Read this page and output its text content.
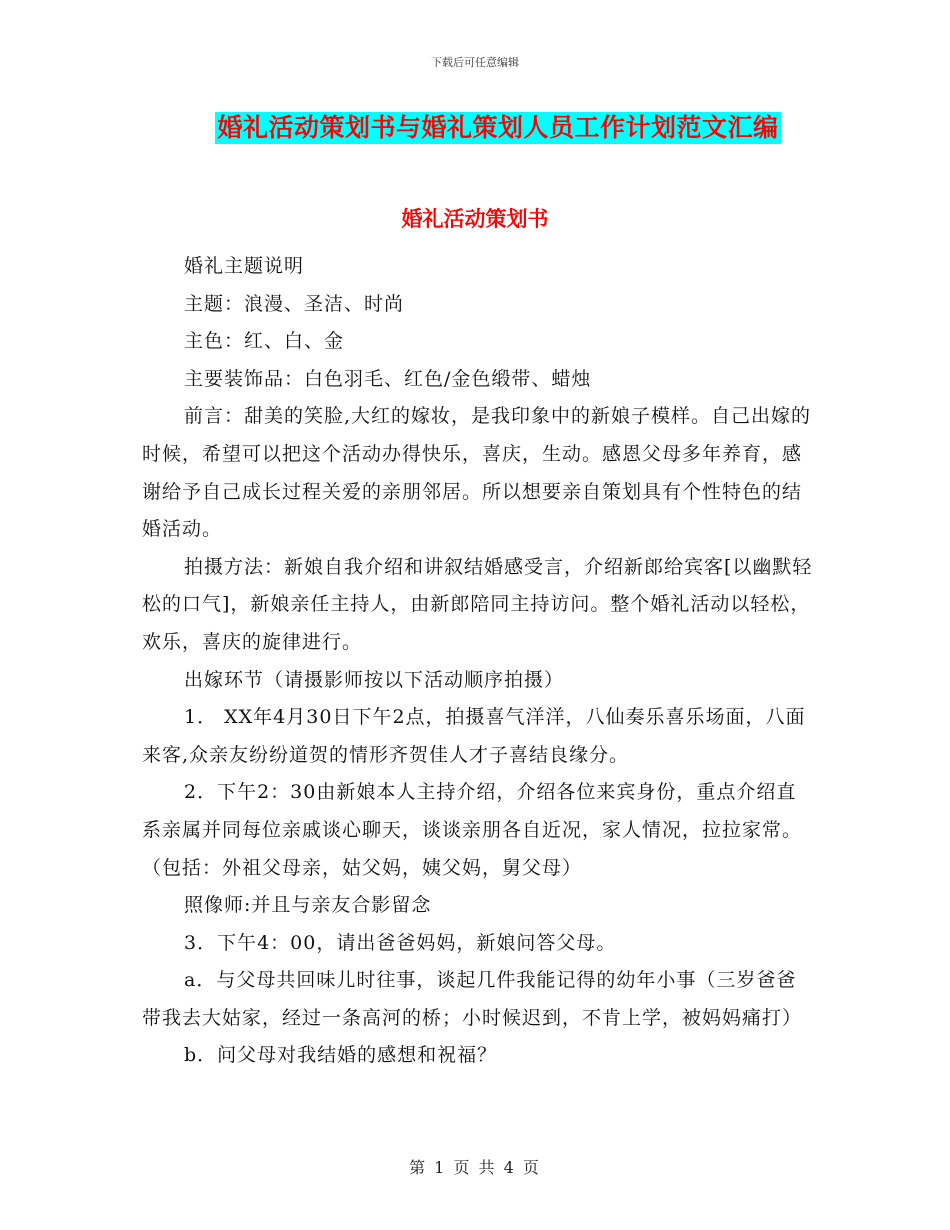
下载后可任意编辑
婚礼活动策划书与婚礼策划人员工作计划范文汇编
婚礼活动策划书

婚礼主题说明

主题：浪漫、圣洁、时尚

主色：红、白、金

主要装饰品：白色羽毛、红色/金色缎带、蜡烛

前言：甜美的笑脸,大红的嫁妆，是我印象中的新娘子模样。自己出嫁的时候，希望可以把这个活动办得快乐，喜庆，生动。感恩父母多年养育，感谢给予自己成长过程关爱的亲朋邻居。所以想要亲自策划具有个性特色的结婚活动。

拍摄方法：新娘自我介绍和讲叙结婚感受言，介绍新郎给宾客[以幽默轻松的口气]，新娘亲任主持人，由新郎陪同主持访问。整个婚礼活动以轻松，欢乐，喜庆的旋律进行。

出嫁环节（请摄影师按以下活动顺序拍摄）

1． XX年4月30日下午2点，拍摄喜气洋洋，八仙奏乐喜乐场面，八面来客,众亲友纷纷道贺的情形齐贺佳人才子喜结良缘分。

2．下午2：30由新娘本人主持介绍，介绍各位来宾身份，重点介绍直系亲属并同每位亲戚谈心聊天，谈谈亲朋各自近况，家人情况，拉拉家常。（包括：外祖父母亲，姑父妈，姨父妈，舅父母）

照像师:并且与亲友合影留念

3．下午4：00，请出爸爸妈妈，新娘问答父母。

a．与父母共回味儿时往事，谈起几件我能记得的幼年小事（三岁爸爸带我去大姑家，经过一条高河的桥；小时候迟到，不肯上学，被妈妈痛打）

b．问父母对我结婚的感想和祝福？

第 1 页 共 4 页
